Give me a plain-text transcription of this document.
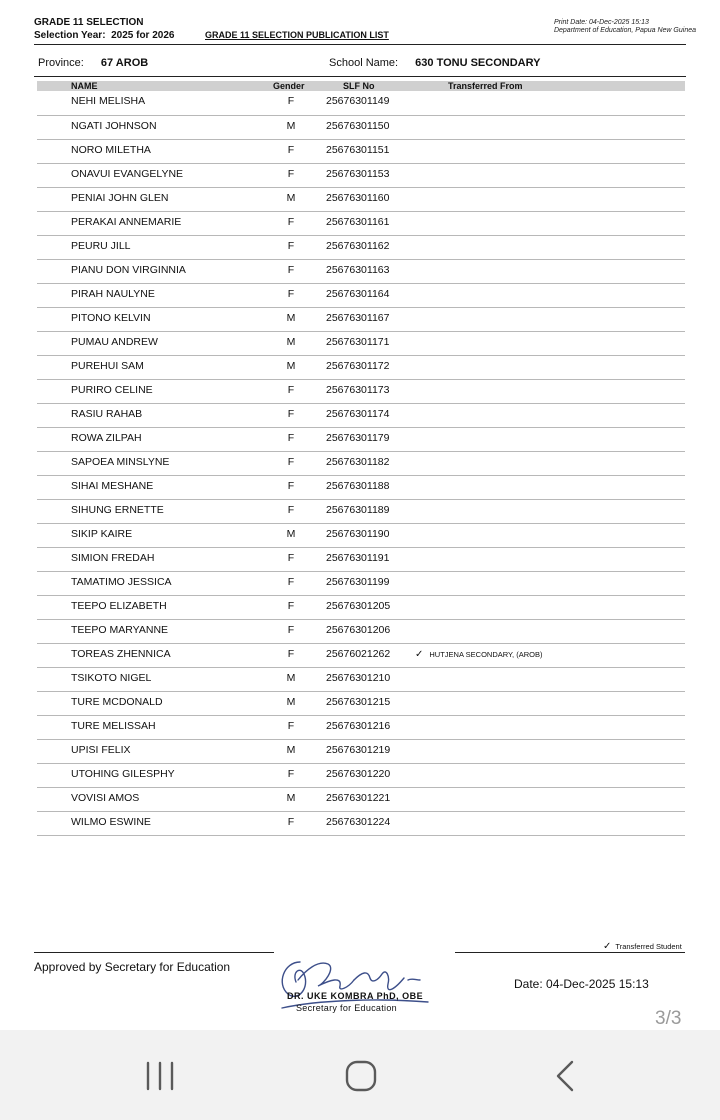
GRADE 11 SELECTION
Selection Year: 2025 for 2026	GRADE 11 SELECTION PUBLICATION LIST
Print Date: 04-Dec-2025 15:13
Department of Education, Papua New Guinea
Province: 67 AROB	School Name: 630 TONU SECONDARY
NAME	Gender	SLF No	Transferred From
NEHI MELISHA	F	25676301149
NGATI JOHNSON	M	25676301150
NORO MILETHA	F	25676301151
ONAVUI EVANGELYNE	F	25676301153
PENIAI JOHN GLEN	M	25676301160
PERAKAI ANNEMARIE	F	25676301161
PEURU JILL	F	25676301162
PIANU DON VIRGINNIA	F	25676301163
PIRAH NAULYNE	F	25676301164
PITONO KELVIN	M	25676301167
PUMAU ANDREW	M	25676301171
PUREHUI SAM	M	25676301172
PURIRO CELINE	F	25676301173
RASIU RAHAB	F	25676301174
ROWA ZILPAH	F	25676301179
SAPOEA MINSLYNE	F	25676301182
SIHAI MESHANE	F	25676301188
SIHUNG ERNETTE	F	25676301189
SIKIP KAIRE	M	25676301190
SIMION FREDAH	F	25676301191
TAMATIMO JESSICA	F	25676301199
TEEPO ELIZABETH	F	25676301205
TEEPO MARYANNE	F	25676301206
TOREAS ZHENNICA	F	25676021262 ✓ HUTJENA SECONDARY, (AROB)
TSIKOTO NIGEL	M	25676301210
TURE MCDONALD	M	25676301215
TURE MELISSAH	F	25676301216
UPISI FELIX	M	25676301219
UTOHING GILESPHY	F	25676301220
VOVISI AMOS	M	25676301221
WILMO ESWINE	F	25676301224
✓ Transferred Student
Approved by Secretary for Education
DR. UKE KOMBRA PhD, OBE
Secretary for Education
Date: 04-Dec-2025 15:13
3/3
